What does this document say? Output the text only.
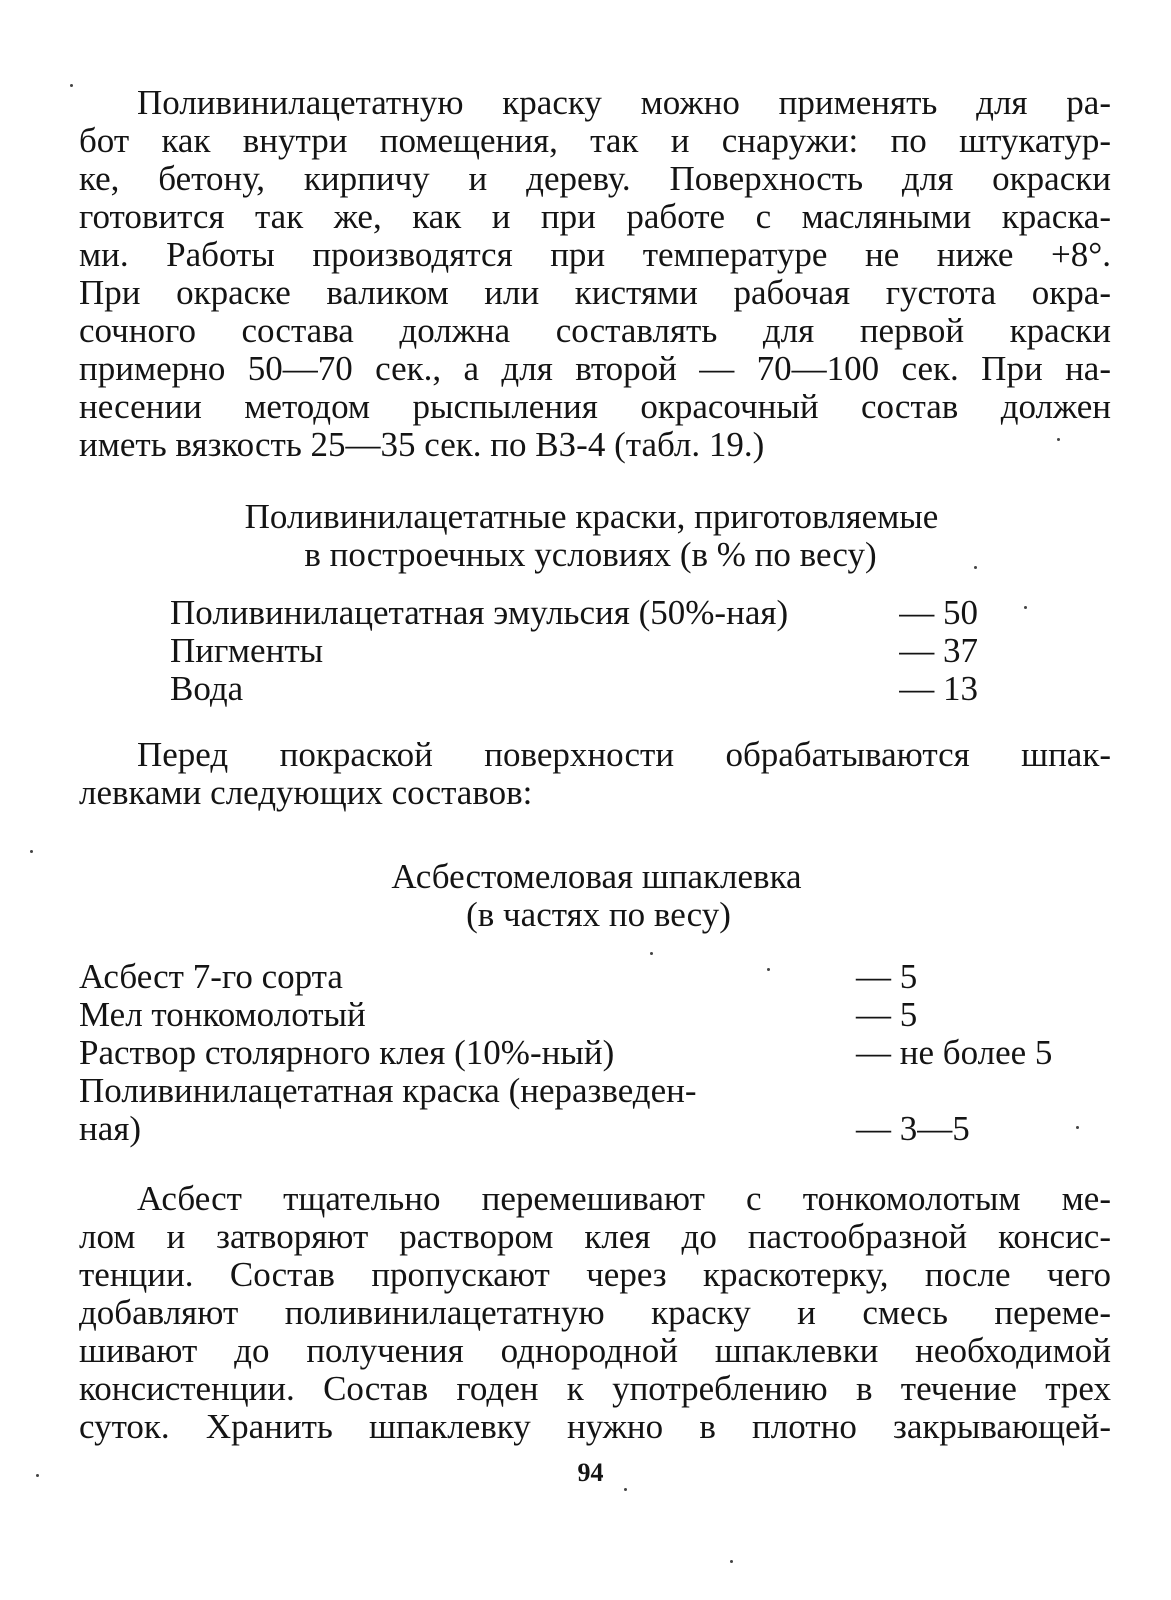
Поливинилацетатную краску можно применять для ра-
бот как внутри помещения, так и снаружи: по штукатур-
ке, бетону, кирпичу и дереву. Поверхность для окраски
готовится так же, как и при работе с масляными краска-
ми. Работы производятся при температуре не ниже +8°.
При окраске валиком или кистями рабочая густота окра-
сочного состава должна составлять для первой краски
примерно 50—70 сек., а для второй — 70—100 сек. При на-
несении методом рыспыления окрасочный состав должен
иметь вязкость 25—35 сек. по ВЗ-4 (табл. 19.)
Поливинилацетатные краски, приготовляемые
в построечных условиях (в % по весу)
Поливинилацетатная эмульсия (50%-ная)	— 50
Пигменты	— 37
Вода	— 13
Перед покраской поверхности обрабатываются шпак-
левками следующих составов:
Асбестомеловая шпаклевка
(в частях по весу)
Асбест 7-го сорта	— 5
Мел тонкомолотый	— 5
Раствор столярного клея (10%-ный)	— не более 5
Поливинилацетатная краска (неразведен-
ная)	— 3—5
Асбест тщательно перемешивают с тонкомолотым ме-
лом и затворяют раствором клея до пастообразной консис-
тенции. Состав пропускают через краскотерку, после чего
добавляют поливинилацетатную краску и смесь переме-
шивают до получения однородной шпаклевки необходимой
консистенции. Состав годен к употреблению в течение трех
суток. Хранить шпаклевку нужно в плотно закрывающей-
94
